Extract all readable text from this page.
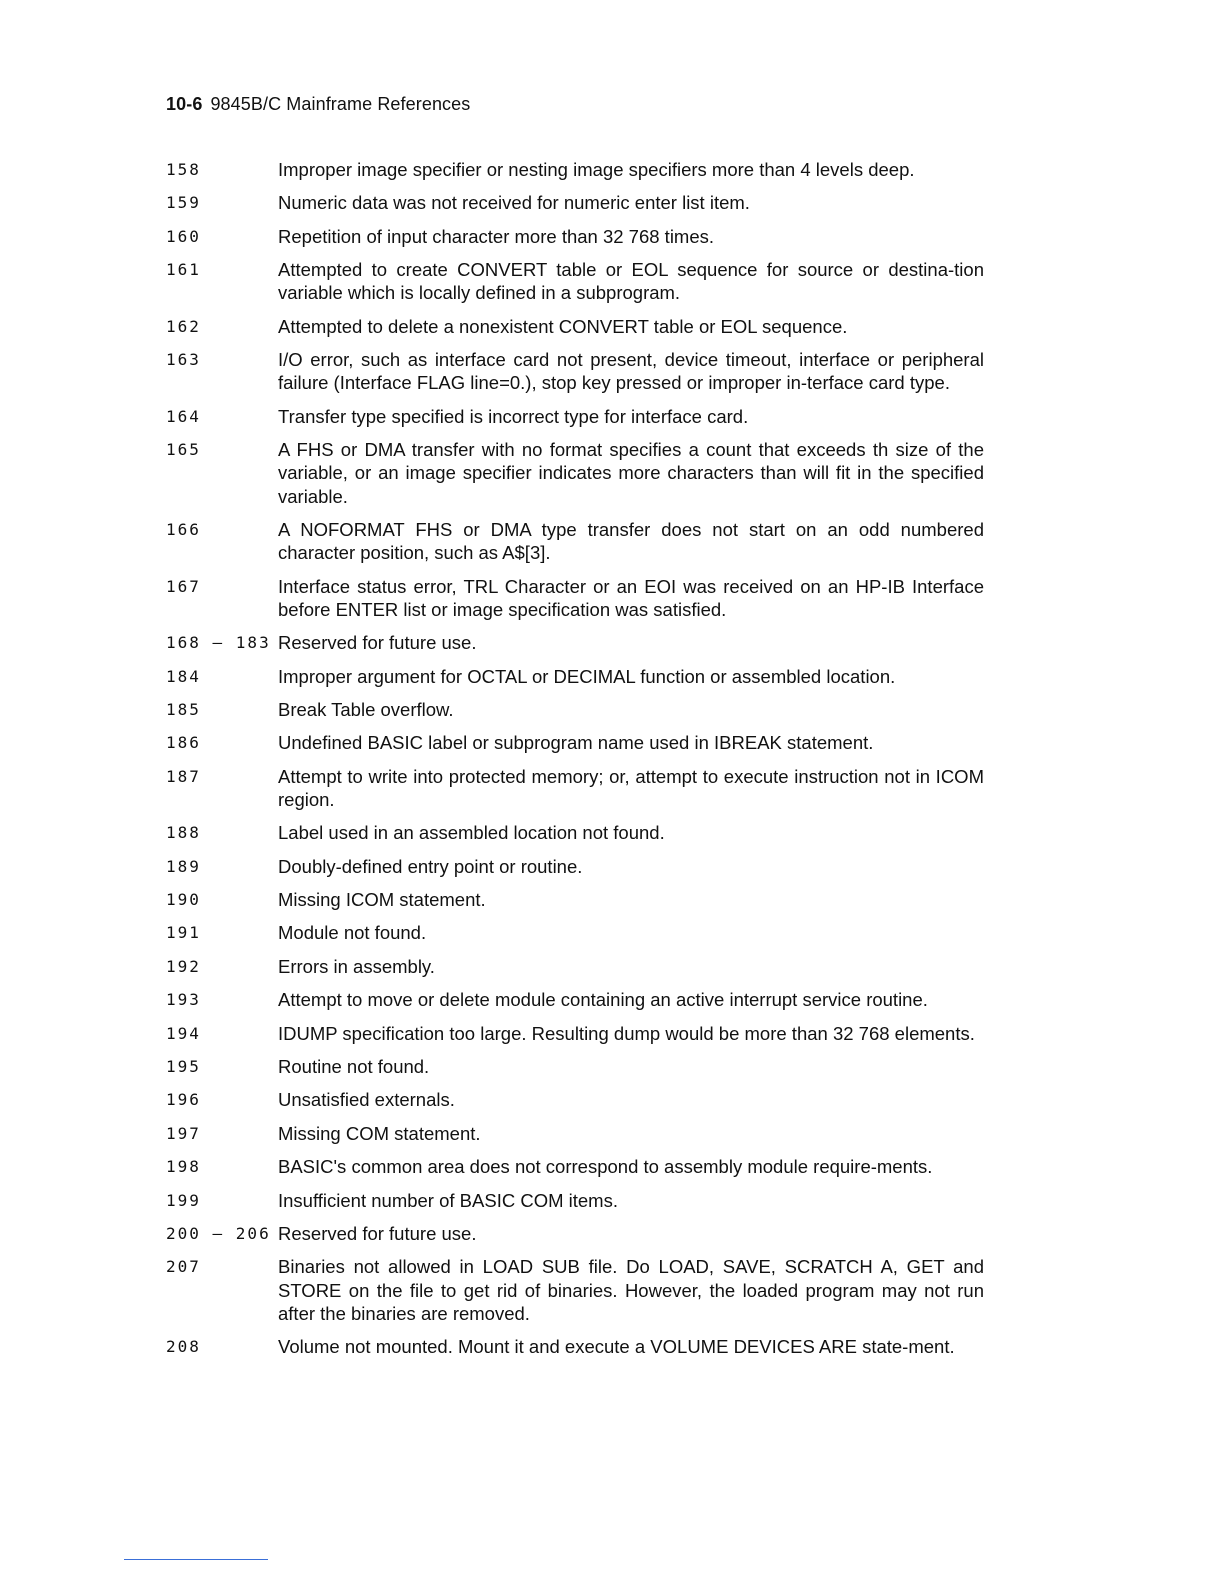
10-6 9845B/C Mainframe References
158	Improper image specifier or nesting image specifiers more than 4 levels deep.
159	Numeric data was not received for numeric enter list item.
160	Repetition of input character more than 32 768 times.
161	Attempted to create CONVERT table or EOL sequence for source or destina-tion variable which is locally defined in a subprogram.
162	Attempted to delete a nonexistent CONVERT table or EOL sequence.
163	I/O error, such as interface card not present, device timeout, interface or peripheral failure (Interface FLAG line=0.), stop key pressed or improper in-terface card type.
164	Transfer type specified is incorrect type for interface card.
165	A FHS or DMA transfer with no format specifies a count that exceeds th size of the variable, or an image specifier indicates more characters than will fit in the specified variable.
166	A NOFORMAT FHS or DMA type transfer does not start on an odd numbered character position, such as A$[3].
167	Interface status error, TRL Character or an EOI was received on an HP-IB Interface before ENTER list or image specification was satisfied.
168 – 183 Reserved for future use.
184	Improper argument for OCTAL or DECIMAL function or assembled location.
185	Break Table overflow.
186	Undefined BASIC label or subprogram name used in IBREAK statement.
187	Attempt to write into protected memory; or, attempt to execute instruction not in ICOM region.
188	Label used in an assembled location not found.
189	Doubly-defined entry point or routine.
190	Missing ICOM statement.
191	Module not found.
192	Errors in assembly.
193	Attempt to move or delete module containing an active interrupt service routine.
194	IDUMP specification too large. Resulting dump would be more than 32 768 elements.
195	Routine not found.
196	Unsatisfied externals.
197	Missing COM statement.
198	BASIC's common area does not correspond to assembly module require-ments.
199	Insufficient number of BASIC COM items.
200 – 206 Reserved for future use.
207	Binaries not allowed in LOAD SUB file. Do LOAD, SAVE, SCRATCH A, GET and STORE on the file to get rid of binaries. However, the loaded program may not run after the binaries are removed.
208	Volume not mounted. Mount it and execute a VOLUME DEVICES ARE state-ment.
